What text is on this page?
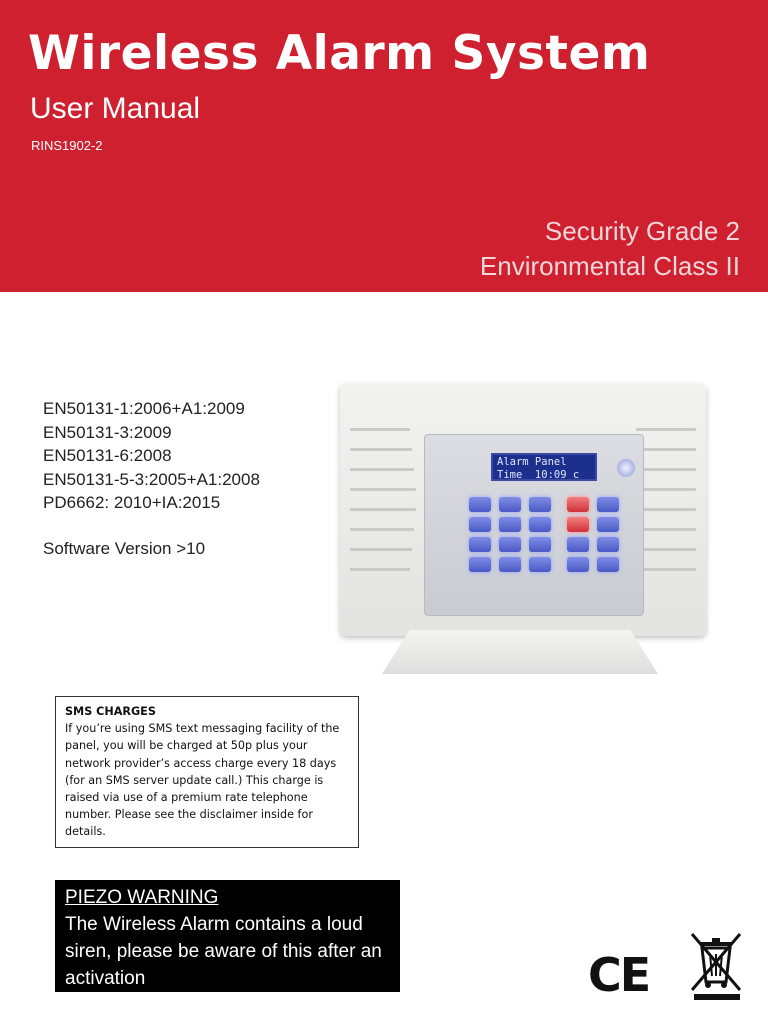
Wireless Alarm System
User Manual
RINS1902-2
Security Grade 2
Environmental Class II
EN50131-1:2006+A1:2009
EN50131-3:2009
EN50131-6:2008
EN50131-5-3:2005+A1:2008
PD6662: 2010+IA:2015
Software Version >10
Alarm Panel
Time  10:09 c
SMS CHARGES
If you’re using SMS text messaging facility of the panel, you will be charged at 50p plus your network provider’s access charge every 18 days (for an SMS server update call.) This charge is raised via use of a premium rate telephone number. Please see the disclaimer inside for details.
PIEZO WARNING
The Wireless Alarm contains a loud siren, please be aware of this after an activation	CE
